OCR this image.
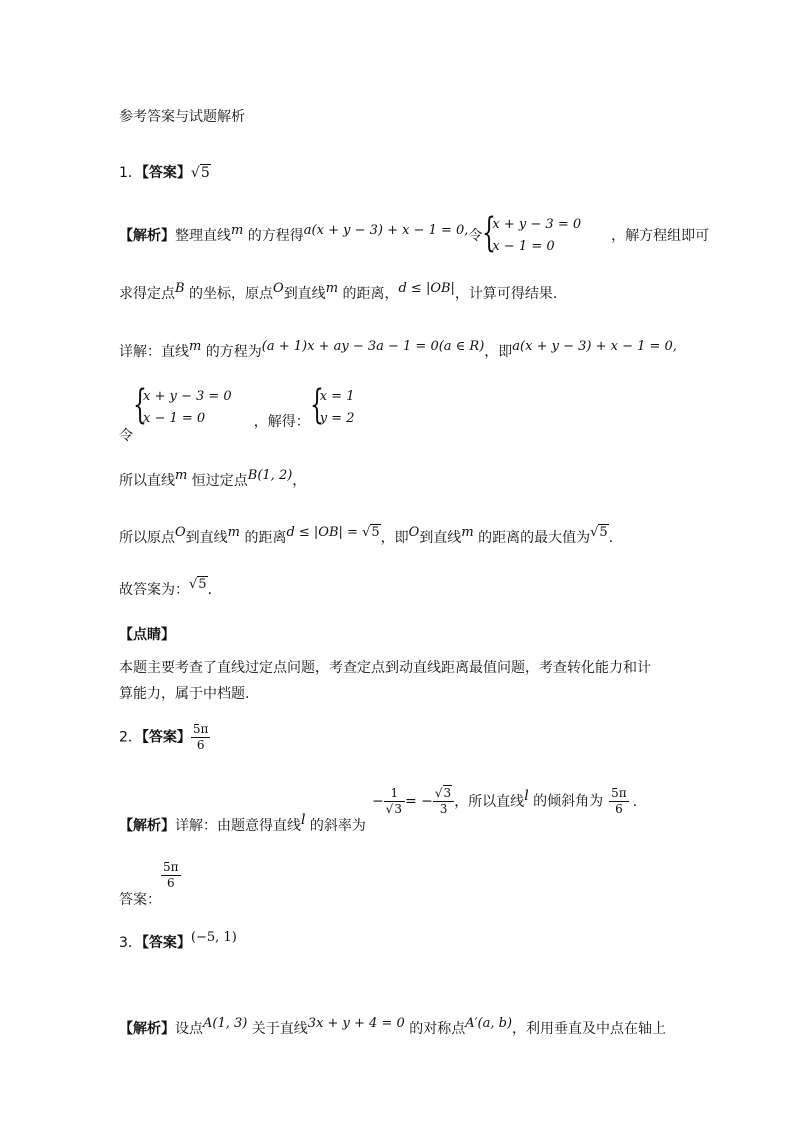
参考答案与试题解析
1．【答案】√5
【解析】整理直线m 的方程得a(x + y − 3) + x − 1 = 0,令 {
x + y − 3 = 0
x − 1 = 0
，解方程组即可
求得定点B 的坐标，原点O到直线m 的距离，d ≤ |OB|，计算可得结果.
详解：直线m 的方程为(a + 1)x + ay − 3a − 1 = 0(a ∈ R)，即a(x + y − 3) + x − 1 = 0,
令
{
x + y − 3 = 0
x − 1 = 0	，解得： {
x = 1
y = 2
所以直线m 恒过定点B(1, 2)，
所以原点O到直线m 的距离d ≤ |OB| = √5，即O到直线m 的距离的最大值为√5.
故答案为：√5.
【点睛】
本题主要考查了直线过定点问题，考查定点到动直线距离最值问题，考查转化能力和计
算能力，属于中档题.
2．【答案】 $\frac{5\pi}{6}$
【解析】详解：由题意得直线l 的斜率为− $\frac{1}{√3}$ = − $\frac{√3}{3}$ ，所以直线l 的倾斜角为 $\frac{5\pi}{6}$ .
答案：
$\frac{5\pi}{6}$
3．【答案】(−5, 1)
【解析】设点A(1, 3) 关于直线3x + y + 4 = 0 的对称点A′(a, b)，利用垂直及中点在轴上
